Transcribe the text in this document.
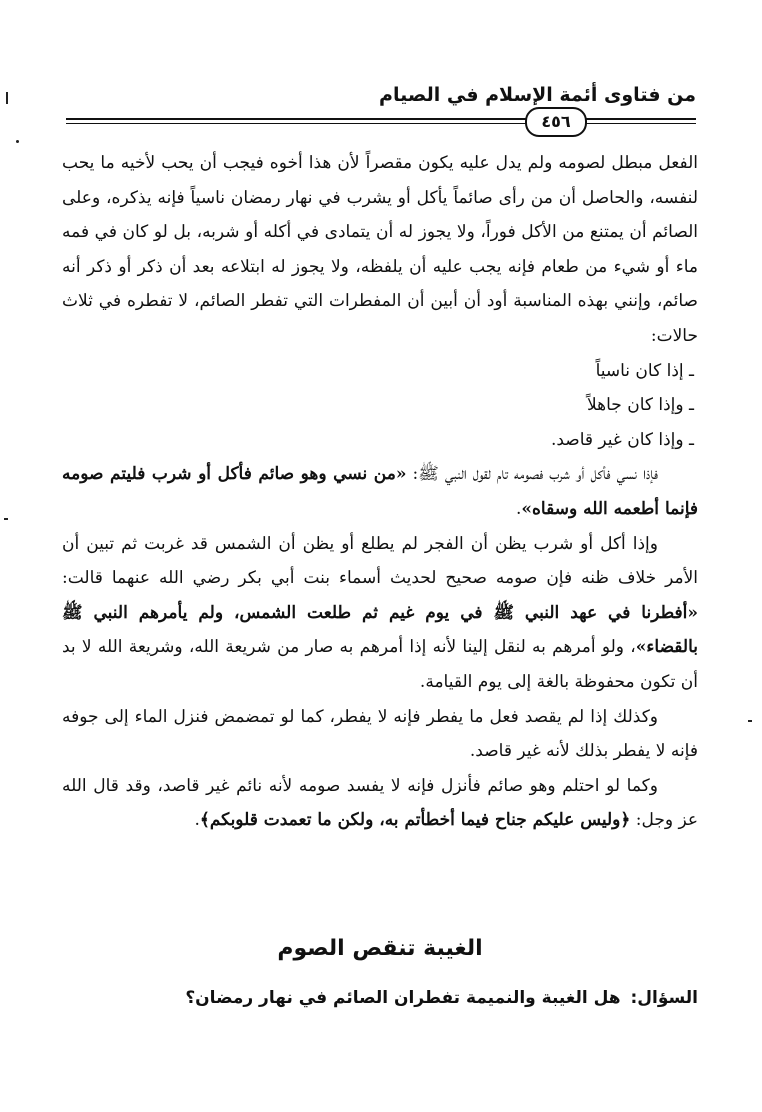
من فتاوى أئمة الإسلام في الصيام
٤٥٦

الفعل مبطل لصومه ولم يدل عليه يكون مقصراً لأن هذا أخوه فيجب أن يحب لأخيه ما يحب لنفسه، والحاصل أن من رأى صائماً يأكل أو يشرب في نهار رمضان ناسياً فإنه يذكره، وعلى الصائم أن يمتنع من الأكل فوراً، ولا يجوز له أن يتمادى في أكله أو شربه، بل لو كان في فمه ماء أو شيء من طعام فإنه يجب عليه أن يلفظه، ولا يجوز له ابتلاعه بعد أن ذكر أو ذكر أنه صائم، وإنني بهذه المناسبة أود أن أبين أن المفطرات التي تفطر الصائم، لا تفطره في ثلاث حالات:

ـ إذا كان ناسياً

ـ وإذا كان جاهلاً

ـ وإذا كان غير قاصد.

فإذا نسي فأكل أو شرب فصومه تام لقول النبي ﷺ: «من نسي وهو صائم فأكل أو شرب فليتم صومه فإنما أطعمه الله وسقاه».

وإذا أكل أو شرب يظن أن الفجر لم يطلع أو يظن أن الشمس قد غربت ثم تبين أن الأمر خلاف ظنه فإن صومه صحيح لحديث أسماء بنت أبي بكر رضي الله عنهما قالت: «أفطرنا في عهد النبي ﷺ في يوم غيم ثم طلعت الشمس، ولم يأمرهم النبي ﷺ بالقضاء»، ولو أمرهم به لنقل إلينا لأنه إذا أمرهم به صار من شريعة الله، وشريعة الله لا بد أن تكون محفوظة بالغة إلى يوم القيامة.

وكذلك إذا لم يقصد فعل ما يفطر فإنه لا يفطر، كما لو تمضمض فنزل الماء إلى جوفه فإنه لا يفطر بذلك لأنه غير قاصد.

وكما لو احتلم وهو صائم فأنزل فإنه لا يفسد صومه لأنه نائم غير قاصد، وقد قال الله عز وجل: ﴿وليس عليكم جناح فيما أخطأتم به، ولكن ما تعمدت قلوبكم﴾.

الغيبة تنقص الصوم
السؤال: هل الغيبة والنميمة تفطران الصائم في نهار رمضان؟
